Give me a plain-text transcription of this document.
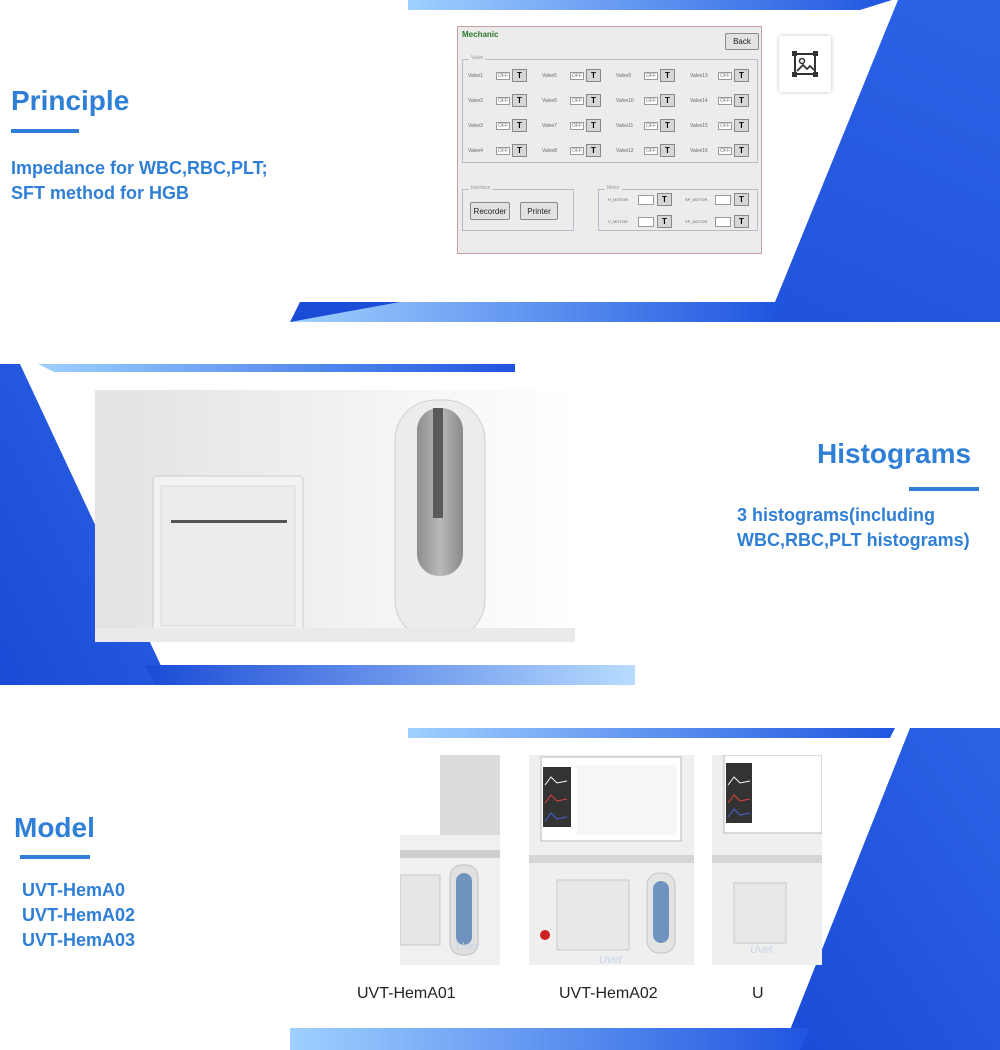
Principle
Impedance for WBC,RBC,PLT;
SFT method for HGB
Mechanic
Back
Valve
Valve1	OFF	T	Valve5	OFF	T	Valve9	OFF	T	Valve13	OFF	T
Valve2	OFF	T	Valve6	OFF	T	Valve10	OFF	T	Valve14	OFF	T
Valve3	OFF	T	Valve7	OFF	T	Valve11	OFF	T	Valve15	OFF	T
Valve4	OFF	T	Valve8	OFF	T	Valve12	OFF	T	Valve16	OFF	T
Interface
Recorder	Printer
Motor
H_MOTOR	T	SP_MOTOR	T
V_MOTOR	T	VP_MOTOR	T
Histograms
3 histograms(including
WBC,RBC,PLT histograms)
Model
UVT-HemA0
UVT-HemA02
UVT-HemA03	Uvet
Uvet
Uvet
UVT-HemA01	UVT-HemA02	U
